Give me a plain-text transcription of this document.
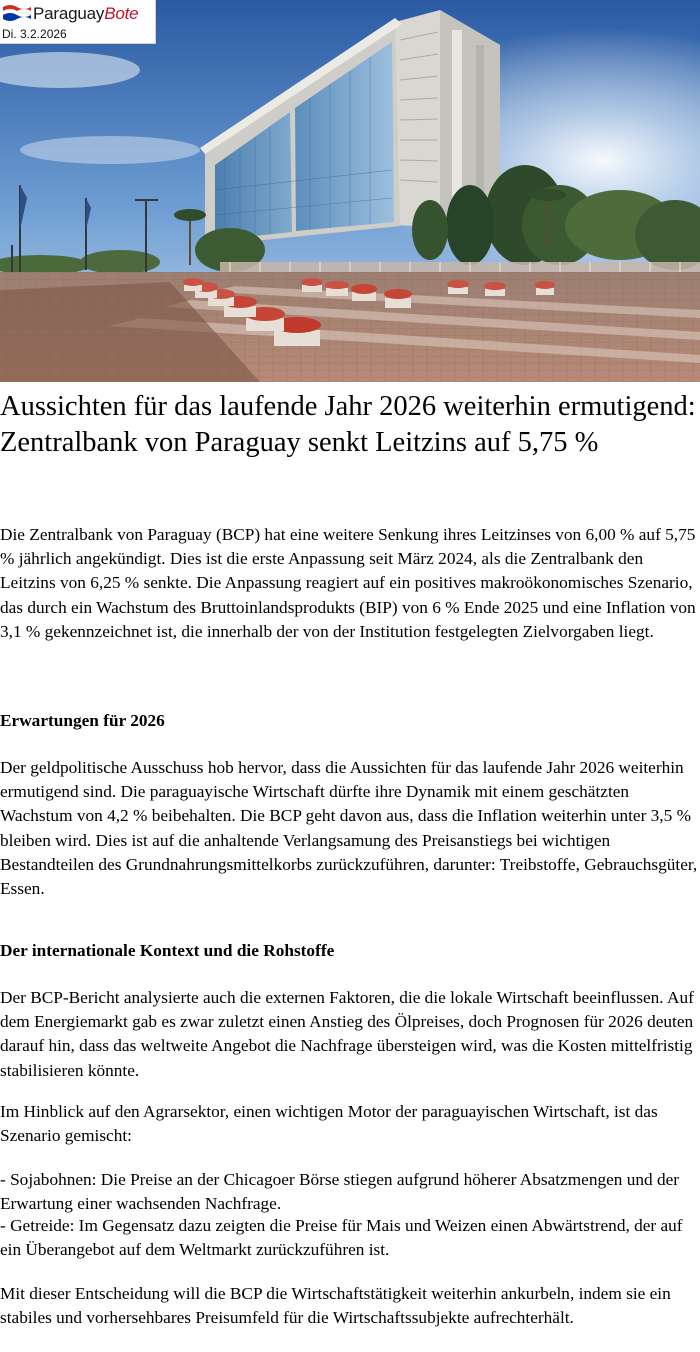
ParaguayBote
Di. 3.2.2026
Aussichten für das laufende Jahr 2026 weiterhin ermutigend: Zentralbank von Paraguay senkt Leitzins auf 5,75 %

Die Zentralbank von Paraguay (BCP) hat eine weitere Senkung ihres Leitzinses von 6,00 % auf 5,75 % jährlich angekündigt. Dies ist die erste Anpassung seit März 2024, als die Zentralbank den Leitzins von 6,25 % senkte. Die Anpassung reagiert auf ein positives makroökonomisches Szenario, das durch ein Wachstum des Bruttoinlandsprodukts (BIP) von 6 % Ende 2025 und eine Inflation von 3,1 % gekennzeichnet ist, die innerhalb der von der Institution festgelegten Zielvorgaben liegt.

Erwartungen für 2026

Der geldpolitische Ausschuss hob hervor, dass die Aussichten für das laufende Jahr 2026 weiterhin ermutigend sind. Die paraguayische Wirtschaft dürfte ihre Dynamik mit einem geschätzten Wachstum von 4,2 % beibehalten. Die BCP geht davon aus, dass die Inflation weiterhin unter 3,5 % bleiben wird. Dies ist auf die anhaltende Verlangsamung des Preisanstiegs bei wichtigen Bestandteilen des Grundnahrungsmittelkorbs zurückzuführen, darunter: Treibstoffe, Gebrauchsgüter, Essen.

Der internationale Kontext und die Rohstoffe

Der BCP-Bericht analysierte auch die externen Faktoren, die die lokale Wirtschaft beeinflussen. Auf dem Energiemarkt gab es zwar zuletzt einen Anstieg des Ölpreises, doch Prognosen für 2026 deuten darauf hin, dass das weltweite Angebot die Nachfrage übersteigen wird, was die Kosten mittelfristig stabilisieren könnte.

Im Hinblick auf den Agrarsektor, einen wichtigen Motor der paraguayischen Wirtschaft, ist das Szenario gemischt:

- Sojabohnen: Die Preise an der Chicagoer Börse stiegen aufgrund höherer Absatzmengen und der Erwartung einer wachsenden Nachfrage.

- Getreide: Im Gegensatz dazu zeigten die Preise für Mais und Weizen einen Abwärtstrend, der auf ein Überangebot auf dem Weltmarkt zurückzuführen ist.

Mit dieser Entscheidung will die BCP die Wirtschaftstätigkeit weiterhin ankurbeln, indem sie ein stabiles und vorhersehbares Preisumfeld für die Wirtschaftssubjekte aufrechterhält.
